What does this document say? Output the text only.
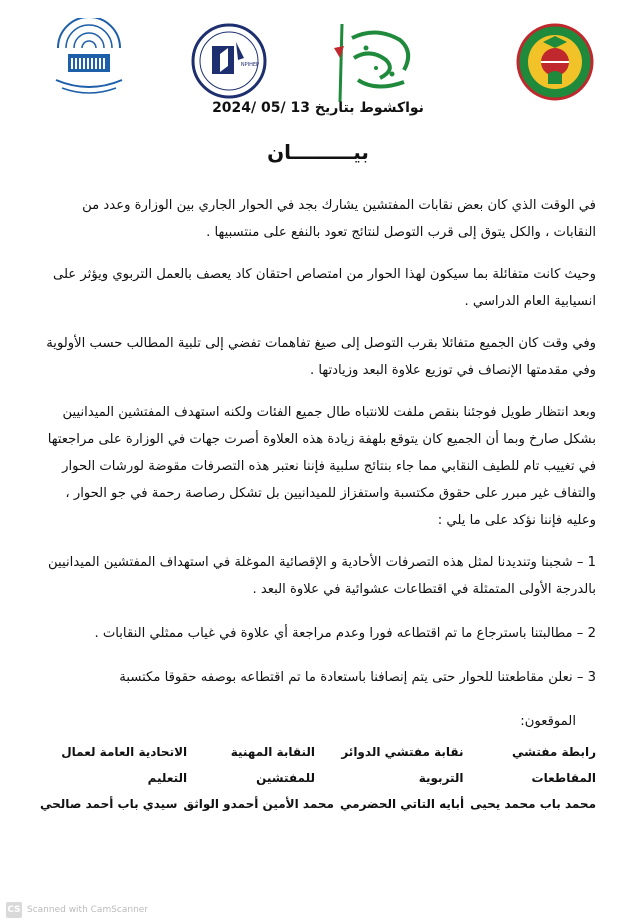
NPIHEP
نواكشوط بتاريخ 13 /05 /2024
بيـــــــــان

في الوقت الذي كان بعض نقابات المفتشين يشارك بجد في الحوار الجاري بين الوزارة وعدد من النقابات ، والكل يتوق إلى قرب التوصل لنتائج تعود بالنفع على منتسبيها .

وحيث كانت متفائلة بما سيكون لهذا الحوار من امتصاص احتقان كاد يعصف بالعمل التربوي ويؤثر على انسيابية العام الدراسي .

وفي وقت كان الجميع متفائلا بقرب التوصل إلى صيغ تفاهمات تفضي إلى تلبية المطالب حسب الأولوية وفي مقدمتها الإنصاف في توزيع علاوة البعد وزيادتها .

وبعد انتظار طويل فوجئنا بنقص ملفت للانتباه طال جميع الفئات ولكنه استهدف المفتشين الميدانيين بشكل صارخ وبما أن الجميع كان يتوقع بلهفة زيادة هذه العلاوة أصرت جهات في الوزارة على مراجعتها في تغييب تام للطيف النقابي مما جاء بنتائج سلبية فإننا نعتبر هذه التصرفات مقوضة لورشات الحوار والتفاف غير مبرر على حقوق مكتسبة واستفزاز للميدانيين بل تشكل رصاصة رحمة في جو الحوار ، وعليه فإننا نؤكد على ما يلي :

1 – شجبنا وتنديدنا لمثل هذه التصرفات الأحادية و الإقصائية الموغلة في استهداف المفتشين الميدانيين بالدرجة الأولى المتمثلة في اقتطاعات عشوائية في علاوة البعد .

2 – مطالبتنا باسترجاع ما تم اقتطاعه فورا وعدم مراجعة أي علاوة في غياب ممثلي النقابات .

3 – نعلن مقاطعتنا للحوار حتى يتم إنصافنا باستعادة ما تم اقتطاعه بوصفه حقوقا مكتسبة

الموقعون:
رابطة مفتشي المقاطعات
نقابة مفتشي الدوائر التربوية
النقابة المهنية للمفتشين
الاتحادية العامة لعمال التعليم
محمد باب محمد يحيى
أبايه التاتي الحضرمي
محمد الأمين أحمدو الواثق
سيدي باب أحمد صالحي
CS Scanned with CamScanner
